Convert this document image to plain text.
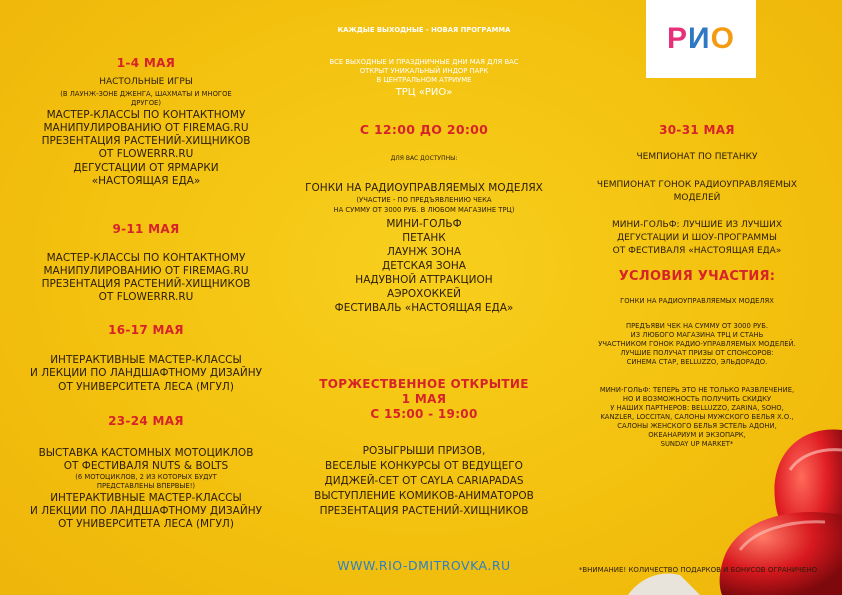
1-4 МАЯ
НАСТОЛЬНЫЕ ИГРЫ
(В ЛАУНЖ-ЗОНЕ ДЖЕНГА, ШАХМАТЫ И МНОГОЕ
ДРУГОЕ)
МАСТЕР-КЛАССЫ ПО КОНТАКТНОМУ
МАНИПУЛИРОВАНИЮ ОТ FIREMAG.RU
ПРЕЗЕНТАЦИЯ РАСТЕНИЙ-ХИЩНИКОВ
ОТ FLOWERRR.RU
ДЕГУСТАЦИИ ОТ ЯРМАРКИ
«НАСТОЯЩАЯ ЕДА»
9-11 МАЯ
МАСТЕР-КЛАССЫ ПО КОНТАКТНОМУ
МАНИПУЛИРОВАНИЮ ОТ FIREMAG.RU
ПРЕЗЕНТАЦИЯ РАСТЕНИЙ-ХИЩНИКОВ
ОТ FLOWERRR.RU
16-17 МАЯ
ИНТЕРАКТИВНЫЕ МАСТЕР-КЛАССЫ
И ЛЕКЦИИ ПО ЛАНДШАФТНОМУ ДИЗАЙНУ
ОТ УНИВЕРСИТЕТА ЛЕСА (МГУЛ)
23-24 МАЯ
ВЫСТАВКА КАСТОМНЫХ МОТОЦИКЛОВ
ОТ ФЕСТИВАЛЯ NUTS & BOLTS
(6 МОТОЦИКЛОВ, 2 ИЗ КОТОРЫХ БУДУТ
ПРЕДСТАВЛЕНЫ ВПЕРВЫЕ!)
ИНТЕРАКТИВНЫЕ МАСТЕР-КЛАССЫ
И ЛЕКЦИИ ПО ЛАНДШАФТНОМУ ДИЗАЙНУ
ОТ УНИВЕРСИТЕТА ЛЕСА (МГУЛ)
КАЖДЫЕ ВЫХОДНЫЕ - НОВАЯ ПРОГРАММА
ВСЕ ВЫХОДНЫЕ И ПРАЗДНИЧНЫЕ ДНИ МАЯ ДЛЯ ВАС
ОТКРЫТ УНИКАЛЬНЫЙ ИНДОР ПАРК
В ЦЕНТРАЛЬНОМ АТРИУМЕ
ТРЦ «РИО»
С 12:00 ДО 20:00
ДЛЯ ВАС ДОСТУПНЫ:
ГОНКИ НА РАДИОУПРАВЛЯЕМЫХ МОДЕЛЯХ
(УЧАСТИЕ - ПО ПРЕДЪЯВЛЕНИЮ ЧЕКА
НА СУММУ ОТ 3000 РУБ. В ЛЮБОМ МАГАЗИНЕ ТРЦ)
МИНИ-ГОЛЬФ
ПЕТАНК
ЛАУНЖ ЗОНА
ДЕТСКАЯ ЗОНА
НАДУВНОЙ АТТРАКЦИОН
АЭРОХОККЕЙ
ФЕСТИВАЛЬ «НАСТОЯЩАЯ ЕДА»
ТОРЖЕСТВЕННОЕ ОТКРЫТИЕ
1 МАЯ
С 15:00 - 19:00
РОЗЫГРЫШИ ПРИЗОВ,
ВЕСЕЛЫЕ КОНКУРСЫ ОТ ВЕДУЩЕГО
ДИДЖЕЙ-СЕТ ОТ CAYLA CARIAPADAS
ВЫСТУПЛЕНИЕ КОМИКОВ-АНИМАТОРОВ
ПРЕЗЕНТАЦИЯ РАСТЕНИЙ-ХИЩНИКОВ
WWW.RIO-DMITROVKA.RU
РИО
30-31 МАЯ
ЧЕМПИОНАТ ПО ПЕТАНКУ
ЧЕМПИОНАТ ГОНОК РАДИОУПРАВЛЯЕМЫХ
МОДЕЛЕЙ
МИНИ-ГОЛЬФ: ЛУЧШИЕ ИЗ ЛУЧШИХ
ДЕГУСТАЦИИ И ШОУ-ПРОГРАММЫ
ОТ ФЕСТИВАЛЯ «НАСТОЯЩАЯ ЕДА»
УСЛОВИЯ УЧАСТИЯ:
ГОНКИ НА РАДИОУПРАВЛЯЕМЫХ МОДЕЛЯХ
ПРЕДЪЯВИ ЧЕК НА СУММУ ОТ 3000 РУБ.
ИЗ ЛЮБОГО МАГАЗИНА ТРЦ И СТАНЬ
УЧАСТНИКОМ ГОНОК РАДИО-УПРАВЛЯЕМЫХ МОДЕЛЕЙ.
ЛУЧШИЕ ПОЛУЧАТ ПРИЗЫ ОТ СПОНСОРОВ:
СИНЕМА СТАР, BELLUZZO, ЭЛЬДОРАДО.
МИНИ-ГОЛЬФ: ТЕПЕРЬ ЭТО НЕ ТОЛЬКО РАЗВЛЕЧЕНИЕ,
НО И ВОЗМОЖНОСТЬ ПОЛУЧИТЬ СКИДКУ
У НАШИХ ПАРТНЕРОВ: BELLUZZO, ZARINA, SOHO,
KANZLER, LOCCITAN, САЛОНЫ МУЖСКОГО БЕЛЬЯ Х.О.,
САЛОНЫ ЖЕНСКОГО БЕЛЬЯ ЭСТЕЛЬ АДОНИ,
ОКЕАНАРИУМ И ЭКЗОПАРК,
SUNDAY UP MARKET*
*ВНИМАНИЕ! КОЛИЧЕСТВО ПОДАРКОВ И БОНУСОВ ОГРАНИЧЕНО
